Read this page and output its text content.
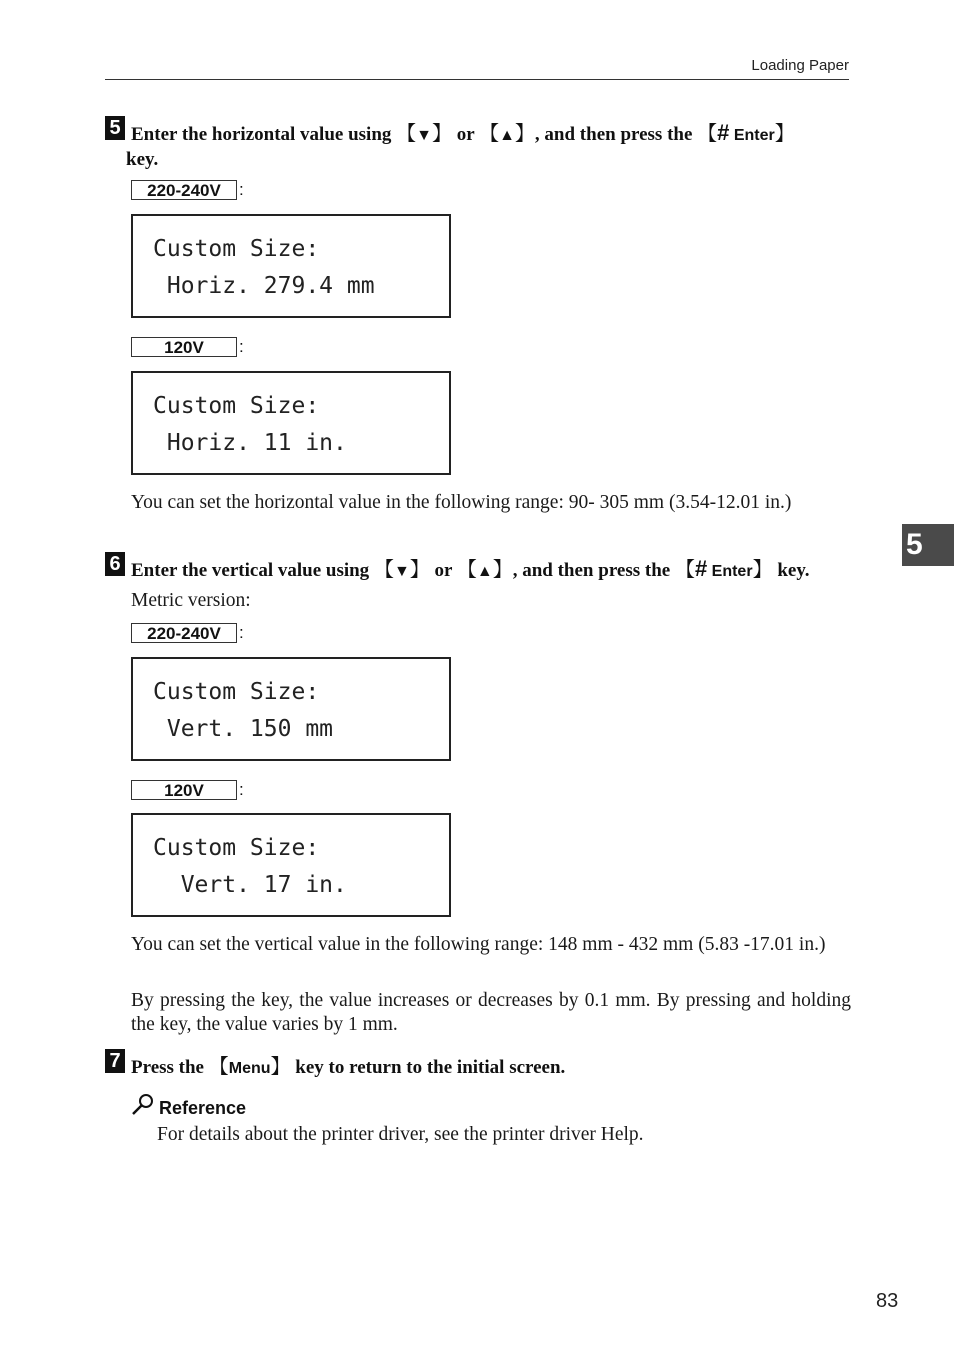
Loading Paper
5
5 Enter the horizontal value using 【▼】 or 【▲】, and then press the 【# Enter】
key.
220-240V	:

Custom Size:

Horiz. 279.4 mm

120V	:

Custom Size:

Horiz. 11 in.

You can set the horizontal value in the following range: 90- 305 mm (3.54-12.01 in.)
6 Enter the vertical value using 【▼】 or 【▲】, and then press the 【# Enter】 key.
Metric version:
220-240V	:

Custom Size:

Vert. 150 mm

120V	:

Custom Size:

Vert. 17 in.

You can set the vertical value in the following range: 148 mm - 432 mm (5.83 -17.01 in.)
By pressing the key, the value increases or decreases by 0.1 mm. By pressing and holding the key, the value varies by 1 mm.
7 Press the 【Menu】 key to return to the initial screen.
Reference
For details about the printer driver, see the printer driver Help.
83
